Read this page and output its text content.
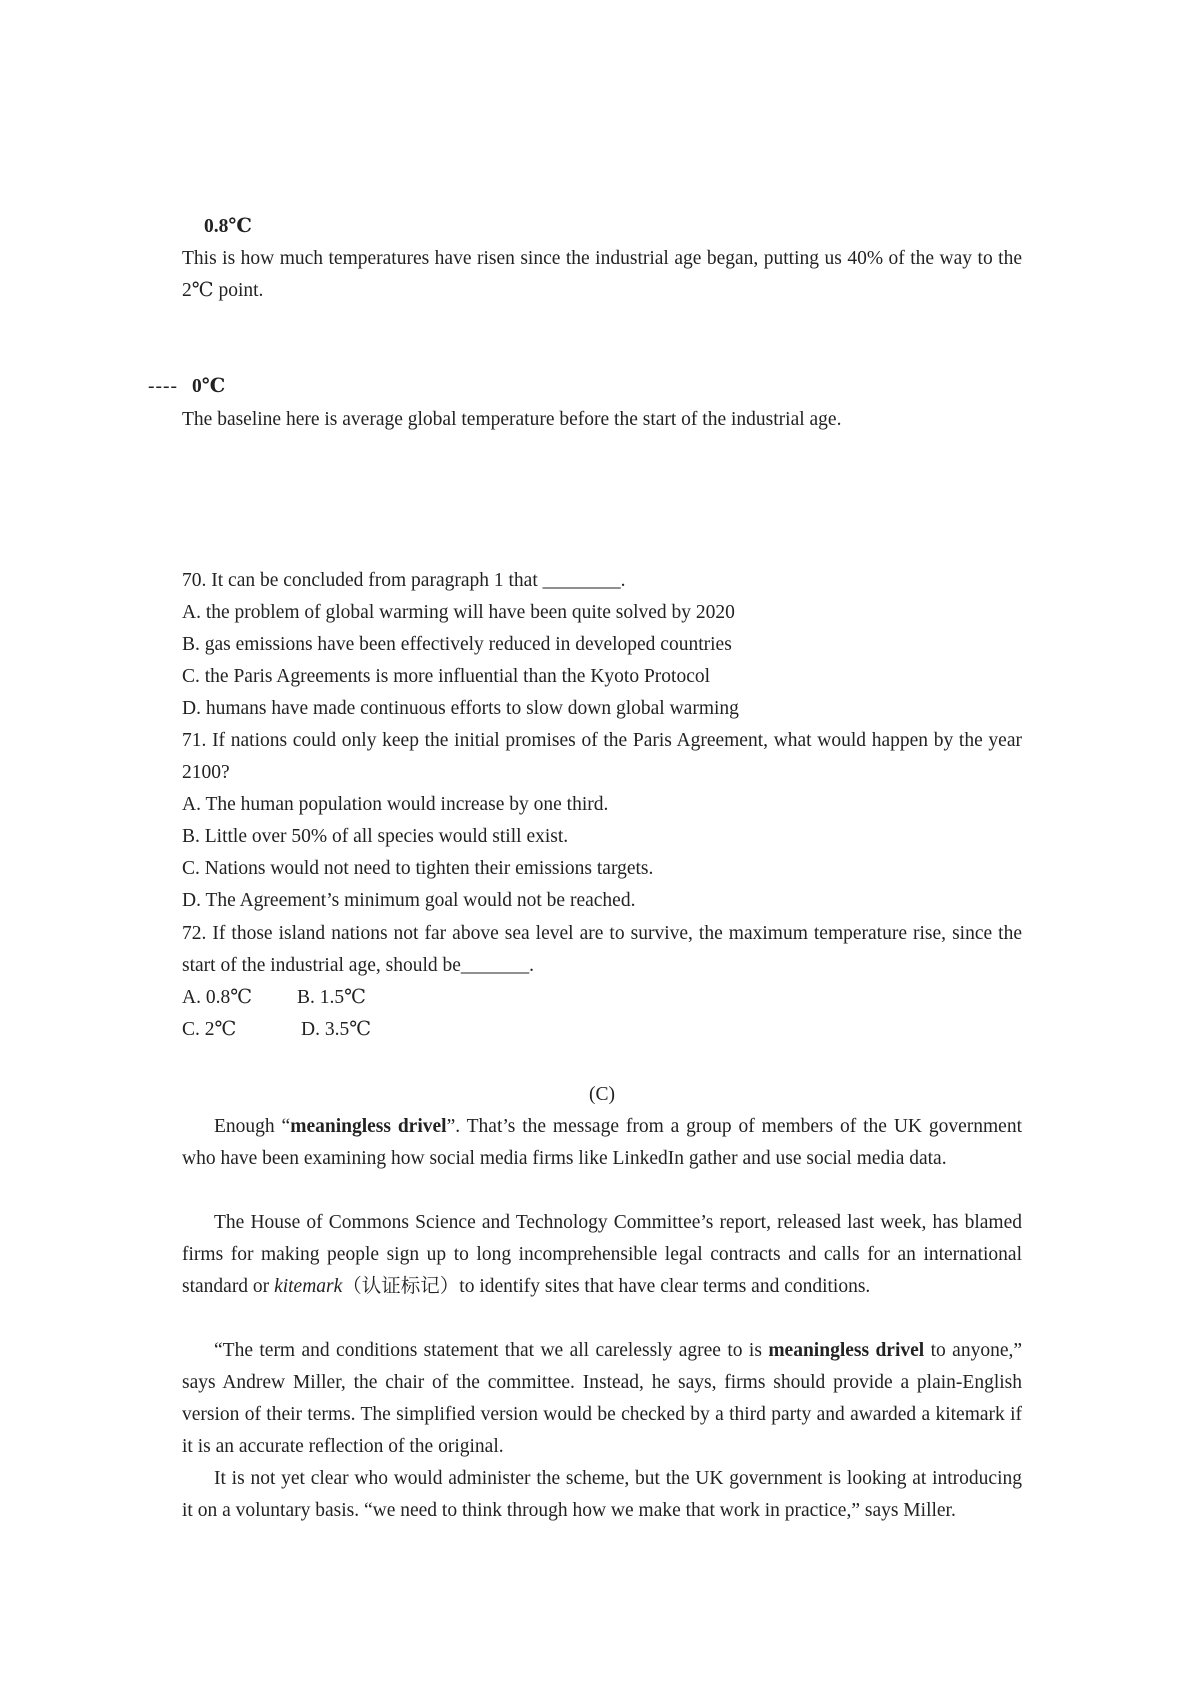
0.8℃
This is how much temperatures have risen since the industrial age began, putting us 40% of the way to the 2℃ point.
---- 0℃
The baseline here is average global temperature before the start of the industrial age.
70. It can be concluded from paragraph 1 that ________.
A. the problem of global warming will have been quite solved by 2020
B. gas emissions have been effectively reduced in developed countries
C. the Paris Agreements is more influential than the Kyoto Protocol
D. humans have made continuous efforts to slow down global warming
71. If nations could only keep the initial promises of the Paris Agreement, what would happen by the year 2100?
A. The human population would increase by one third.
B. Little over 50% of all species would still exist.
C. Nations would not need to tighten their emissions targets.
D. The Agreement’s minimum goal would not be reached.
72. If those island nations not far above sea level are to survive, the maximum temperature rise, since the start of the industrial age, should be_______.
A. 0.8℃ B. 1.5℃
C. 2℃	D. 3.5℃
(C)
Enough “meaningless drivel”. That’s the message from a group of members of the UK government who have been examining how social media firms like LinkedIn gather and use social media data.
The House of Commons Science and Technology Committee’s report, released last week, has blamed firms for making people sign up to long incomprehensible legal contracts and calls for an international standard or kitemark（认证标记）to identify sites that have clear terms and conditions.
“The term and conditions statement that we all carelessly agree to is meaningless drivel to anyone,” says Andrew Miller, the chair of the committee. Instead, he says, firms should provide a plain-English version of their terms. The simplified version would be checked by a third party and awarded a kitemark if it is an accurate reflection of the original.
It is not yet clear who would administer the scheme, but the UK government is looking at introducing it on a voluntary basis. “we need to think through how we make that work in practice,” says Miller.
